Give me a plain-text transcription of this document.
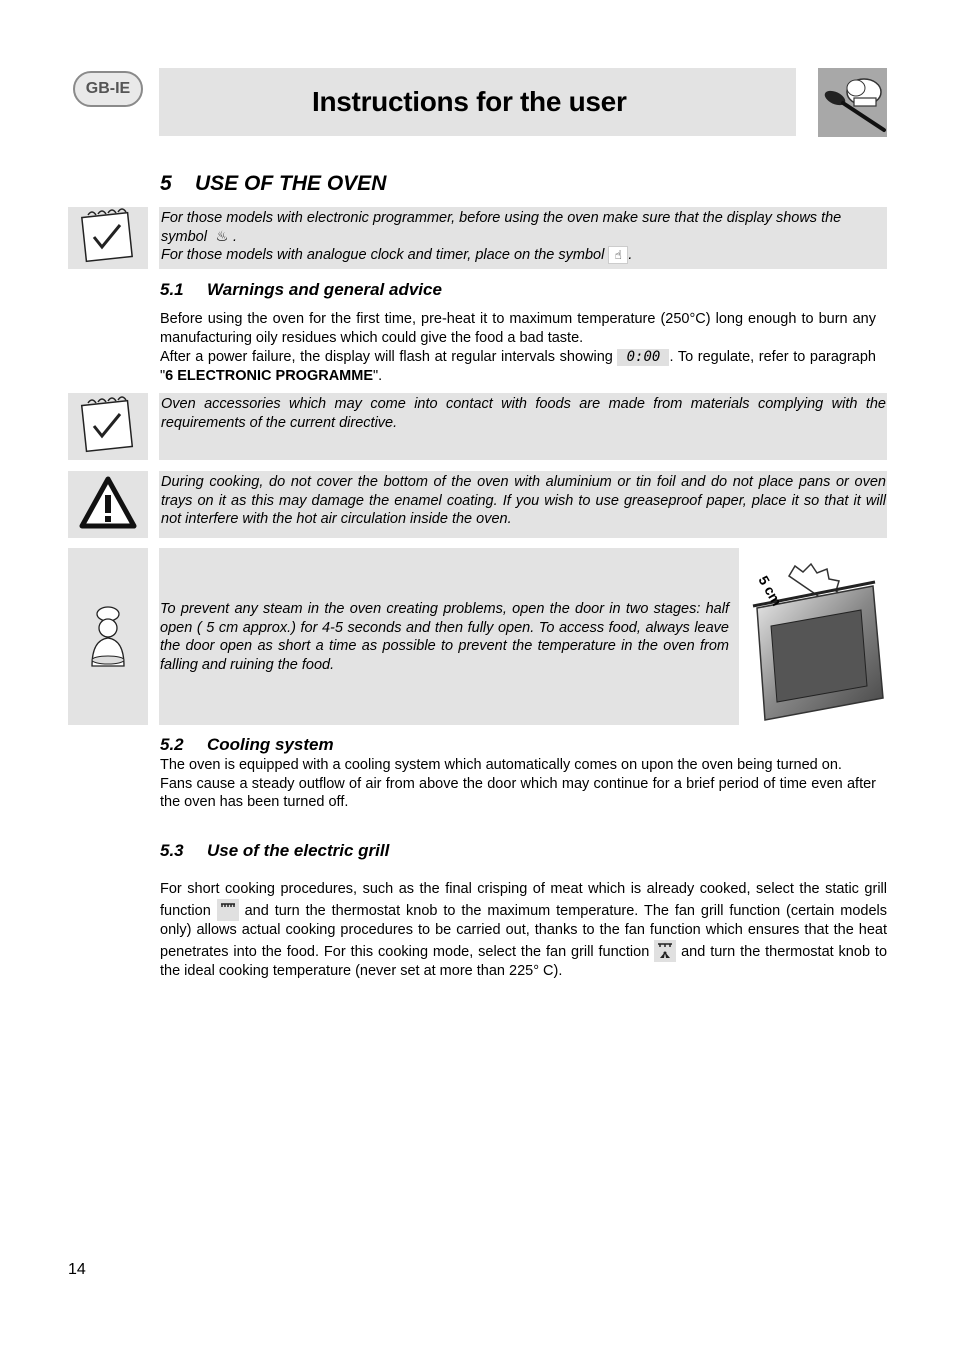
GB-IE	Instructions for the user
5 USE OF THE OVEN
For those models with electronic programmer, before using the oven make sure that the display shows the symbol ♨ .
For those models with analogue clock and timer, place on the symbol ☝ .
5.1 Warnings and general advice

Before using the oven for the first time, pre-heat it to maximum temperature (250°C) long enough to burn any manufacturing oily residues which could give the food a bad taste.

After a power failure, the display will flash at regular intervals showing 0:00 . To regulate, refer to paragraph "6 ELECTRONIC PROGRAMME".

Oven accessories which may come into contact with foods are made from materials complying with the requirements of the current directive.
During cooking, do not cover the bottom of the oven with aluminium or tin foil and do not place pans or oven trays on it as this may damage the enamel coating. If you wish to use greaseproof paper, place it so that it will not interfere with the hot air circulation inside the oven.
To prevent any steam in the oven creating problems, open the door in two stages: half open ( 5 cm approx.) for 4-5 seconds and then fully open. To access food, always leave the door open as short a time as possible to prevent the temperature in the oven from falling and ruining the food.
5 cm
5.2 Cooling system

The oven is equipped with a cooling system which automatically comes on upon the oven being turned on.

Fans cause a steady outflow of air from above the door which may continue for a brief period of time even after the oven has been turned off.

5.3 Use of the electric grill
For short cooking procedures, such as the final crisping of meat which is already cooked, select the static grill function and turn the thermostat knob to the maximum temperature. The fan grill function (certain models only) allows actual cooking procedures to be carried out, thanks to the fan function which ensures that the heat penetrates into the food. For this cooking mode, select the fan grill function and turn the thermostat knob to the ideal cooking temperature (never set at more than 225° C).
14
